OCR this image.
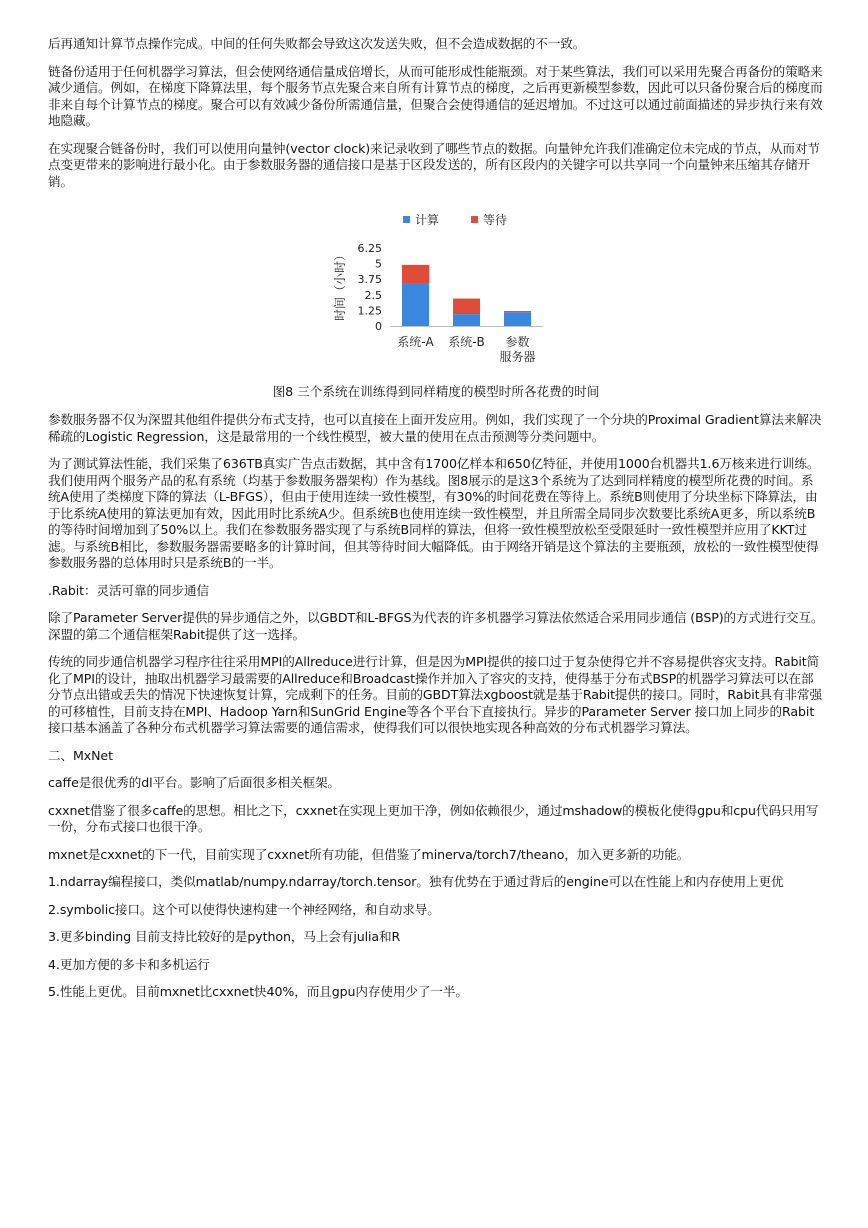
后再通知计算节点操作完成。中间的任何失败都会导致这次发送失败，但不会造成数据的不一致。

链备份适用于任何机器学习算法，但会使网络通信量成倍增长，从而可能形成性能瓶颈。对于某些算法，我们可以采用先聚合再备份的策略来减少通信。例如，在梯度下降算法里，每个服务节点先聚合来自所有计算节点的梯度，之后再更新模型参数，因此可以只备份聚合后的梯度而非来自每个计算节点的梯度。聚合可以有效减少备份所需通信量，但聚合会使得通信的延迟增加。不过这可以通过前面描述的异步执行来有效地隐藏。

在实现聚合链备份时，我们可以使用向量钟(vector clock)来记录收到了哪些节点的数据。向量钟允许我们准确定位未完成的节点，从而对节点变更带来的影响进行最小化。由于参数服务器的通信接口是基于区段发送的，所有区段内的关键字可以共享同一个向量钟来压缩其存储开销。

计算	等待
6.25
5
3.75
2.5
1.25
0
时间（小时）
系统-A 系统-B 参数
服务器
图8 三个系统在训练得到同样精度的模型时所各花费的时间

参数服务器不仅为深盟其他组件提供分布式支持，也可以直接在上面开发应用。例如，我们实现了一个分块的Proximal Gradient算法来解决稀疏的Logistic Regression，这是最常用的一个线性模型，被大量的使用在点击预测等分类问题中。

为了测试算法性能，我们采集了636TB真实广告点击数据，其中含有1700亿样本和650亿特征，并使用1000台机器共1.6万核来进行训练。我们使用两个服务产品的私有系统（均基于参数服务器架构）作为基线。图8展示的是这3个系统为了达到同样精度的模型所花费的时间。系统A使用了类梯度下降的算法（L-BFGS），但由于使用连续一致性模型，有30%的时间花费在等待上。系统B则使用了分块坐标下降算法，由于比系统A使用的算法更加有效，因此用时比系统A少。但系统B也使用连续一致性模型，并且所需全局同步次数要比系统A更多，所以系统B的等待时间增加到了50%以上。我们在参数服务器实现了与系统B同样的算法，但将一致性模型放松至受限延时一致性模型并应用了KKT过滤。与系统B相比，参数服务器需要略多的计算时间，但其等待时间大幅降低。由于网络开销是这个算法的主要瓶颈，放松的一致性模型使得参数服务器的总体用时只是系统B的一半。

.Rabit：灵活可靠的同步通信

除了Parameter Server提供的异步通信之外，以GBDT和L-BFGS为代表的许多机器学习算法依然适合采用同步通信 (BSP)的方式进行交互。深盟的第二个通信框架Rabit提供了这一选择。

传统的同步通信机器学习程序往往采用MPI的Allreduce进行计算，但是因为MPI提供的接口过于复杂使得它并不容易提供容灾支持。Rabit简化了MPI的设计，抽取出机器学习最需要的Allreduce和Broadcast操作并加入了容灾的支持，使得基于分布式BSP的机器学习算法可以在部分节点出错或丢失的情况下快速恢复计算，完成剩下的任务。目前的GBDT算法xgboost就是基于Rabit提供的接口。同时，Rabit具有非常强的可移植性，目前支持在MPI、Hadoop Yarn和SunGrid Engine等各个平台下直接执行。异步的Parameter Server 接口加上同步的Rabit接口基本涵盖了各种分布式机器学习算法需要的通信需求，使得我们可以很快地实现各种高效的分布式机器学习算法。

二、MxNet

caffe是很优秀的dl平台。影响了后面很多相关框架。

cxxnet借鉴了很多caffe的思想。相比之下，cxxnet在实现上更加干净，例如依赖很少，通过mshadow的模板化使得gpu和cpu代码只用写一份，分布式接口也很干净。

mxnet是cxxnet的下一代，目前实现了cxxnet所有功能，但借鉴了minerva/torch7/theano，加入更多新的功能。

1.ndarray编程接口，类似matlab/numpy.ndarray/torch.tensor。独有优势在于通过背后的engine可以在性能上和内存使用上更优

2.symbolic接口。这个可以使得快速构建一个神经网络，和自动求导。

3.更多binding 目前支持比较好的是python，马上会有julia和R

4.更加方便的多卡和多机运行

5.性能上更优。目前mxnet比cxxnet快40%，而且gpu内存使用少了一半。
